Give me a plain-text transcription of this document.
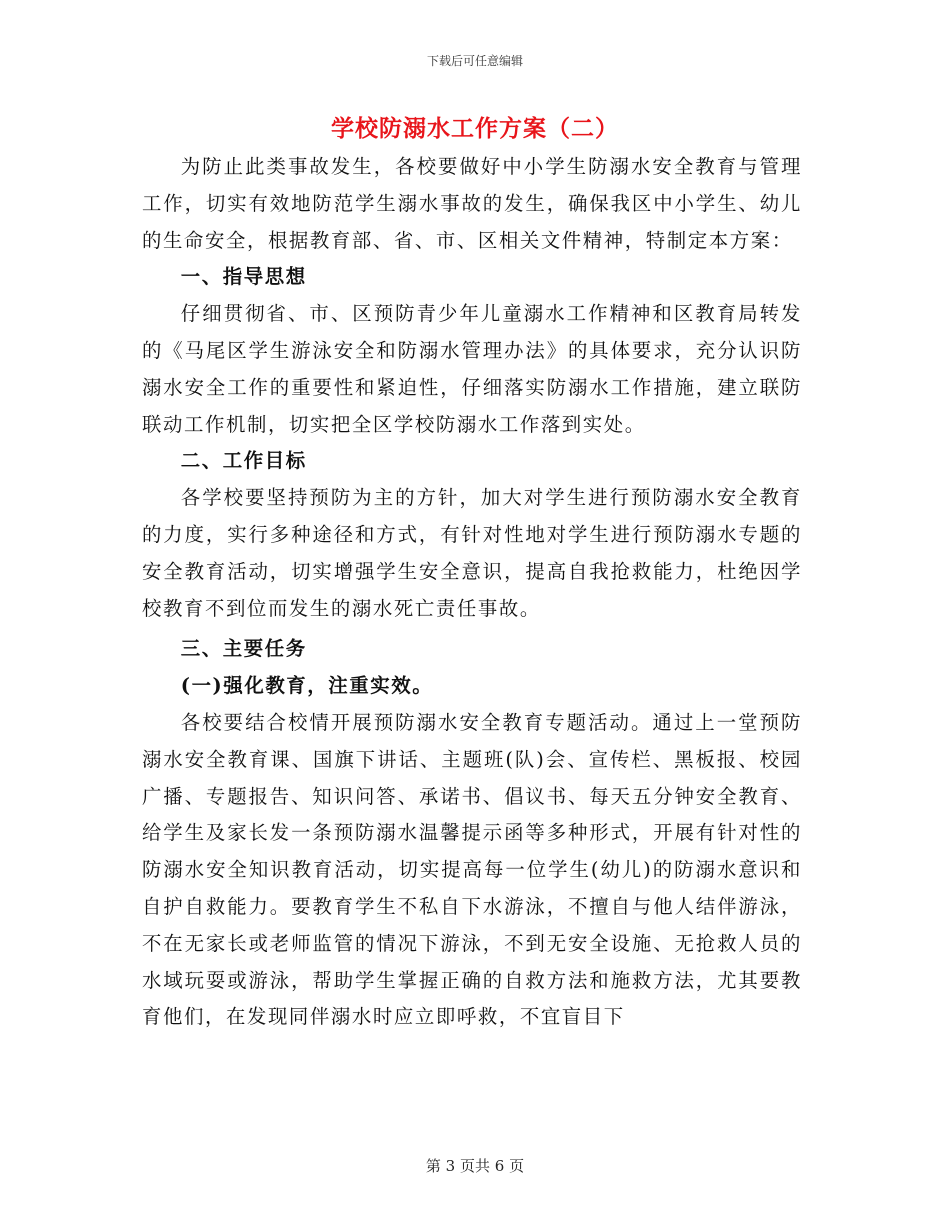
下载后可任意编辑
学校防溺水工作方案（二）

为防止此类事故发生，各校要做好中小学生防溺水安全教育与管理工作，切实有效地防范学生溺水事故的发生，确保我区中小学生、幼儿的生命安全，根据教育部、省、市、区相关文件精神，特制定本方案：

一、指导思想

仔细贯彻省、市、区预防青少年儿童溺水工作精神和区教育局转发的《马尾区学生游泳安全和防溺水管理办法》的具体要求，充分认识防溺水安全工作的重要性和紧迫性，仔细落实防溺水工作措施，建立联防联动工作机制，切实把全区学校防溺水工作落到实处。

二、工作目标

各学校要坚持预防为主的方针，加大对学生进行预防溺水安全教育的力度，实行多种途径和方式，有针对性地对学生进行预防溺水专题的安全教育活动，切实增强学生安全意识，提高自我抢救能力，杜绝因学校教育不到位而发生的溺水死亡责任事故。

三、主要任务

(一)强化教育，注重实效。

各校要结合校情开展预防溺水安全教育专题活动。通过上一堂预防溺水安全教育课、国旗下讲话、主题班(队)会、宣传栏、黑板报、校园广播、专题报告、知识问答、承诺书、倡议书、每天五分钟安全教育、给学生及家长发一条预防溺水温馨提示函等多种形式，开展有针对性的防溺水安全知识教育活动，切实提高每一位学生(幼儿)的防溺水意识和自护自救能力。要教育学生不私自下水游泳，不擅自与他人结伴游泳，不在无家长或老师监管的情况下游泳，不到无安全设施、无抢救人员的水域玩耍或游泳，帮助学生掌握正确的自救方法和施救方法，尤其要教育他们，在发现同伴溺水时应立即呼救，不宜盲目下

第 3 页共 6 页
